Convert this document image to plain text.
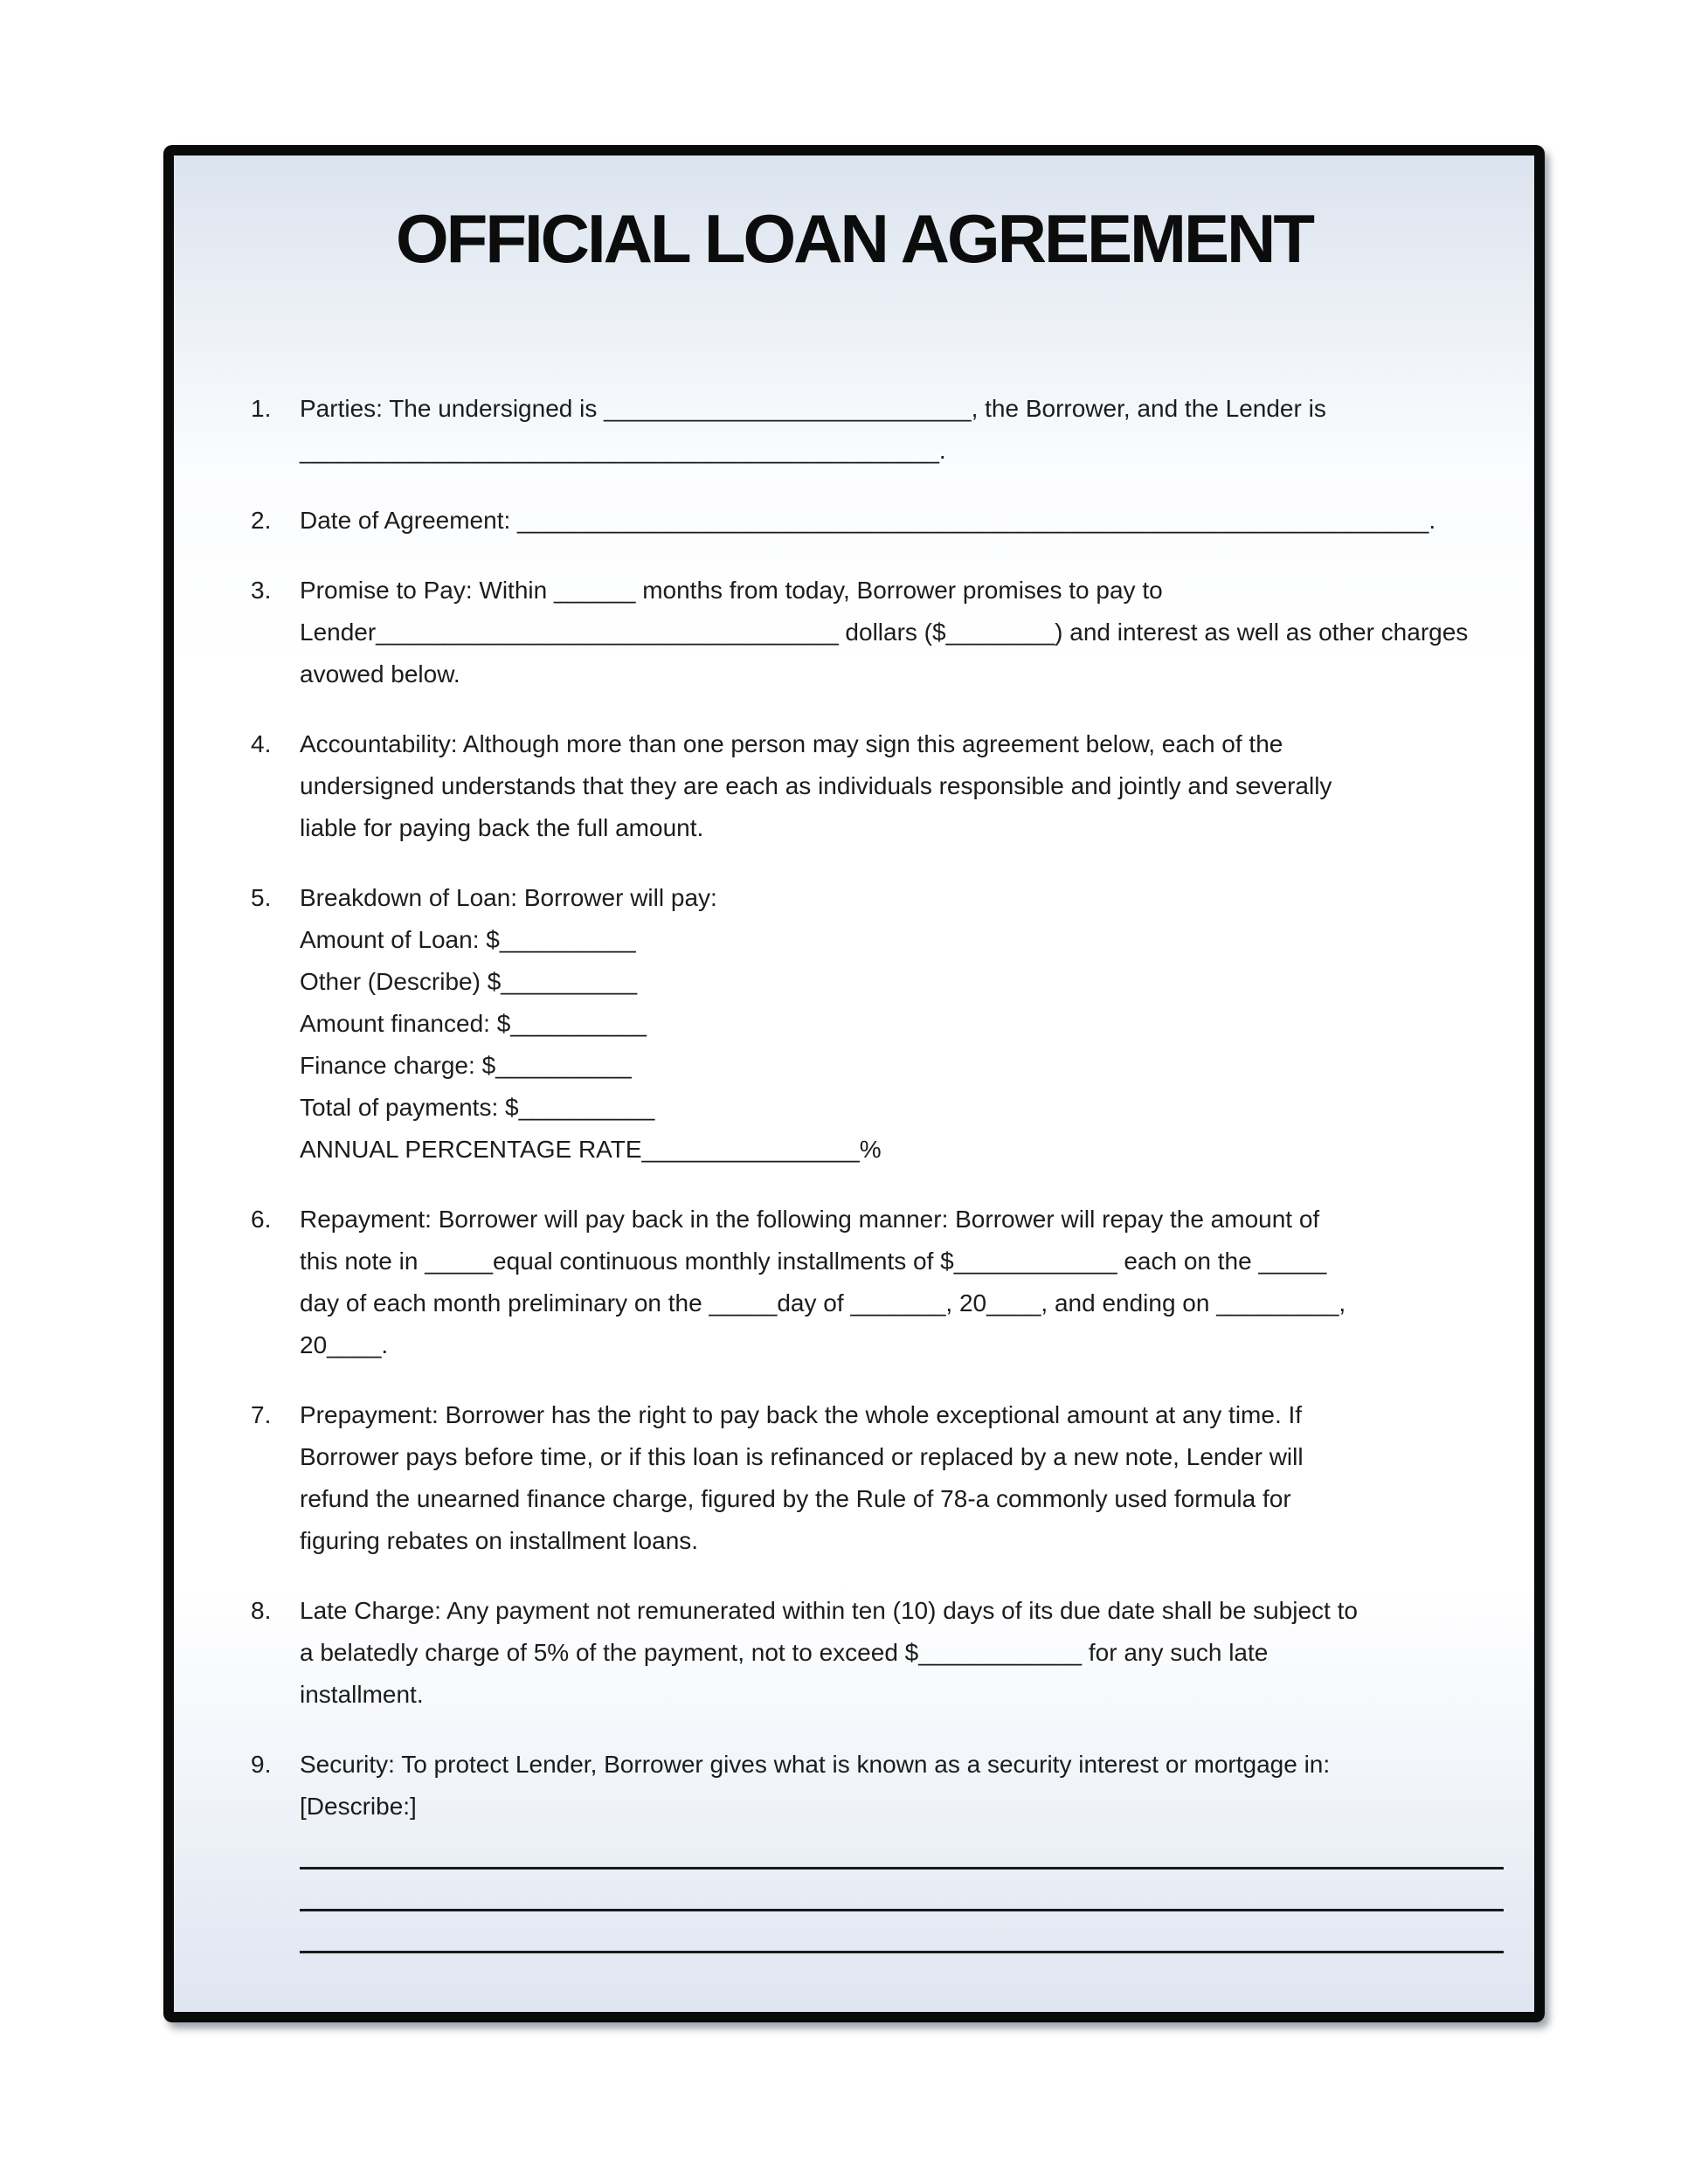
OFFICIAL LOAN AGREEMENT
1.	Parties: The undersigned is ___________________________, the Borrower, and the Lender is
_______________________________________________.
2.	Date of Agreement: ___________________________________________________________________.
3.	Promise to Pay: Within ______ months from today, Borrower promises to pay to
Lender__________________________________ dollars ($________) and interest as well as other charges
avowed below.
4.	Accountability: Although more than one person may sign this agreement below, each of the
undersigned understands that they are each as individuals responsible and jointly and severally
liable for paying back the full amount.
5.	Breakdown of Loan: Borrower will pay:
Amount of Loan: $__________
Other (Describe) $__________
Amount financed: $__________
Finance charge: $__________
Total of payments: $__________
ANNUAL PERCENTAGE RATE________________%
6.	Repayment: Borrower will pay back in the following manner: Borrower will repay the amount of
this note in _____equal continuous monthly installments of $____________ each on the _____
day of each month preliminary on the _____day of _______, 20____, and ending on _________,
20____.
7.	Prepayment: Borrower has the right to pay back the whole exceptional amount at any time. If
Borrower pays before time, or if this loan is refinanced or replaced by a new note, Lender will
refund the unearned finance charge, figured by the Rule of 78-a commonly used formula for
figuring rebates on installment loans.
8.	Late Charge: Any payment not remunerated within ten (10) days of its due date shall be subject to
a belatedly charge of 5% of the payment, not to exceed $____________ for any such late
installment.
9.	Security: To protect Lender, Borrower gives what is known as a security interest or mortgage in:
[Describe:]
